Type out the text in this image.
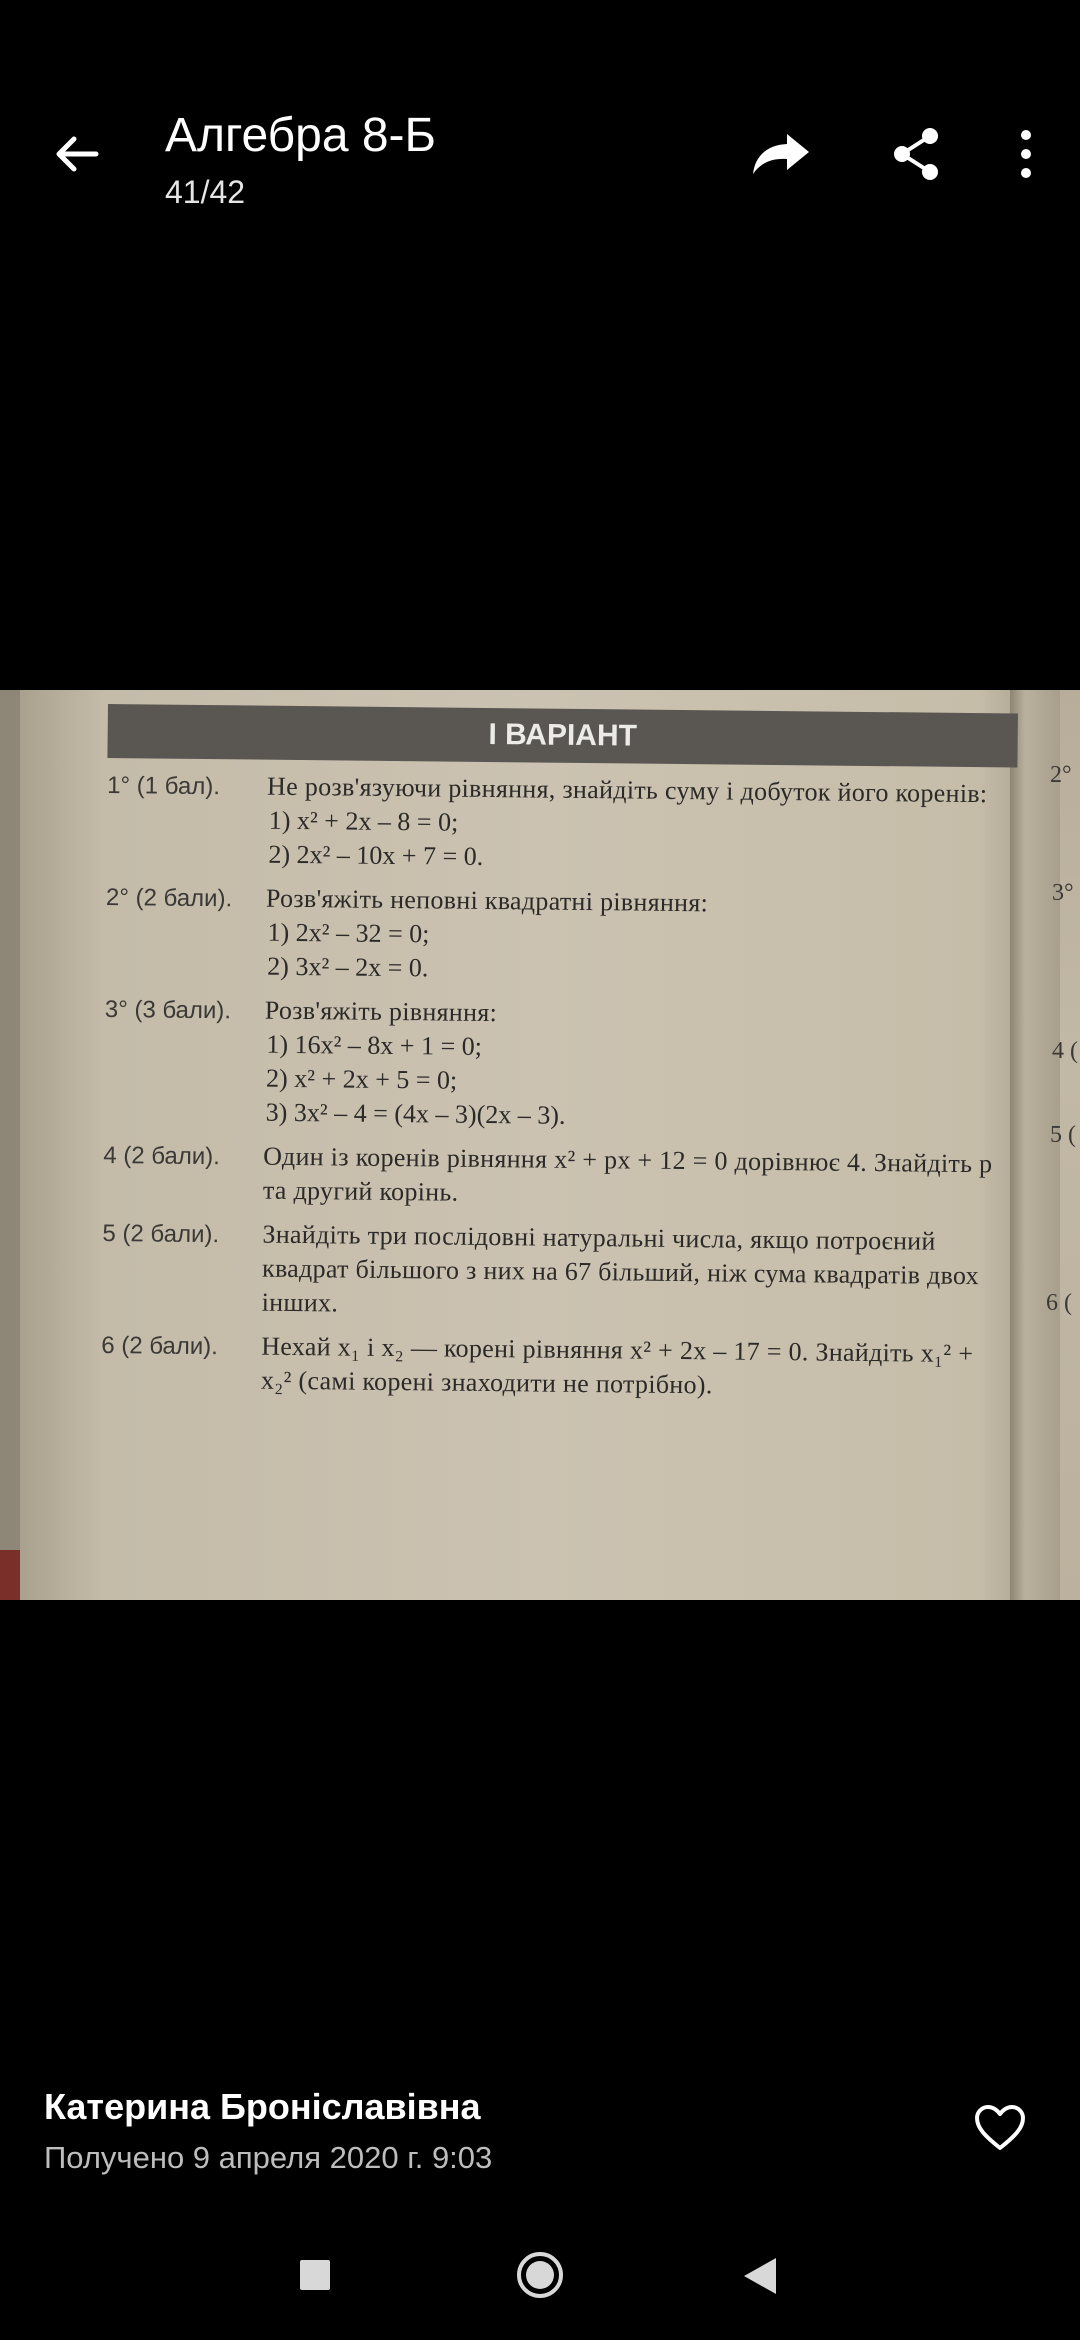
Алгебра 8-Б
41/42
I ВАРІАНТ
1° (1 бал).	Не розв'язуючи рівняння, знайдіть суму і добуток його коренів:
1) x² + 2x – 8 = 0;
2) 2x² – 10x + 7 = 0.
2° (2 бали).	Розв'яжіть неповні квадратні рівняння:
1) 2x² – 32 = 0;
2) 3x² – 2x = 0.
3° (3 бали).	Розв'яжіть рівняння:
1) 16x² – 8x + 1 = 0;
2) x² + 2x + 5 = 0;
3) 3x² – 4 = (4x – 3)(2x – 3).
4 (2 бали).	Один із коренів рівняння x² + px + 12 = 0 дорівнює 4. Знайдіть p та другий корінь.
5 (2 бали).	Знайдіть три послідовні натуральні числа, якщо потроєний квадрат більшого з них на 67 більший, ніж сума квадратів двох інших.
6 (2 бали).	Нехай x₁ і x₂ — корені рівняння x² + 2x – 17 = 0. Знайдіть x₁² + x₂² (самі корені знаходити не потрібно).
2°
3°
4 (
5 (
6 (
Катерина Броніславівна
Получено 9 апреля 2020 г. 9:03
